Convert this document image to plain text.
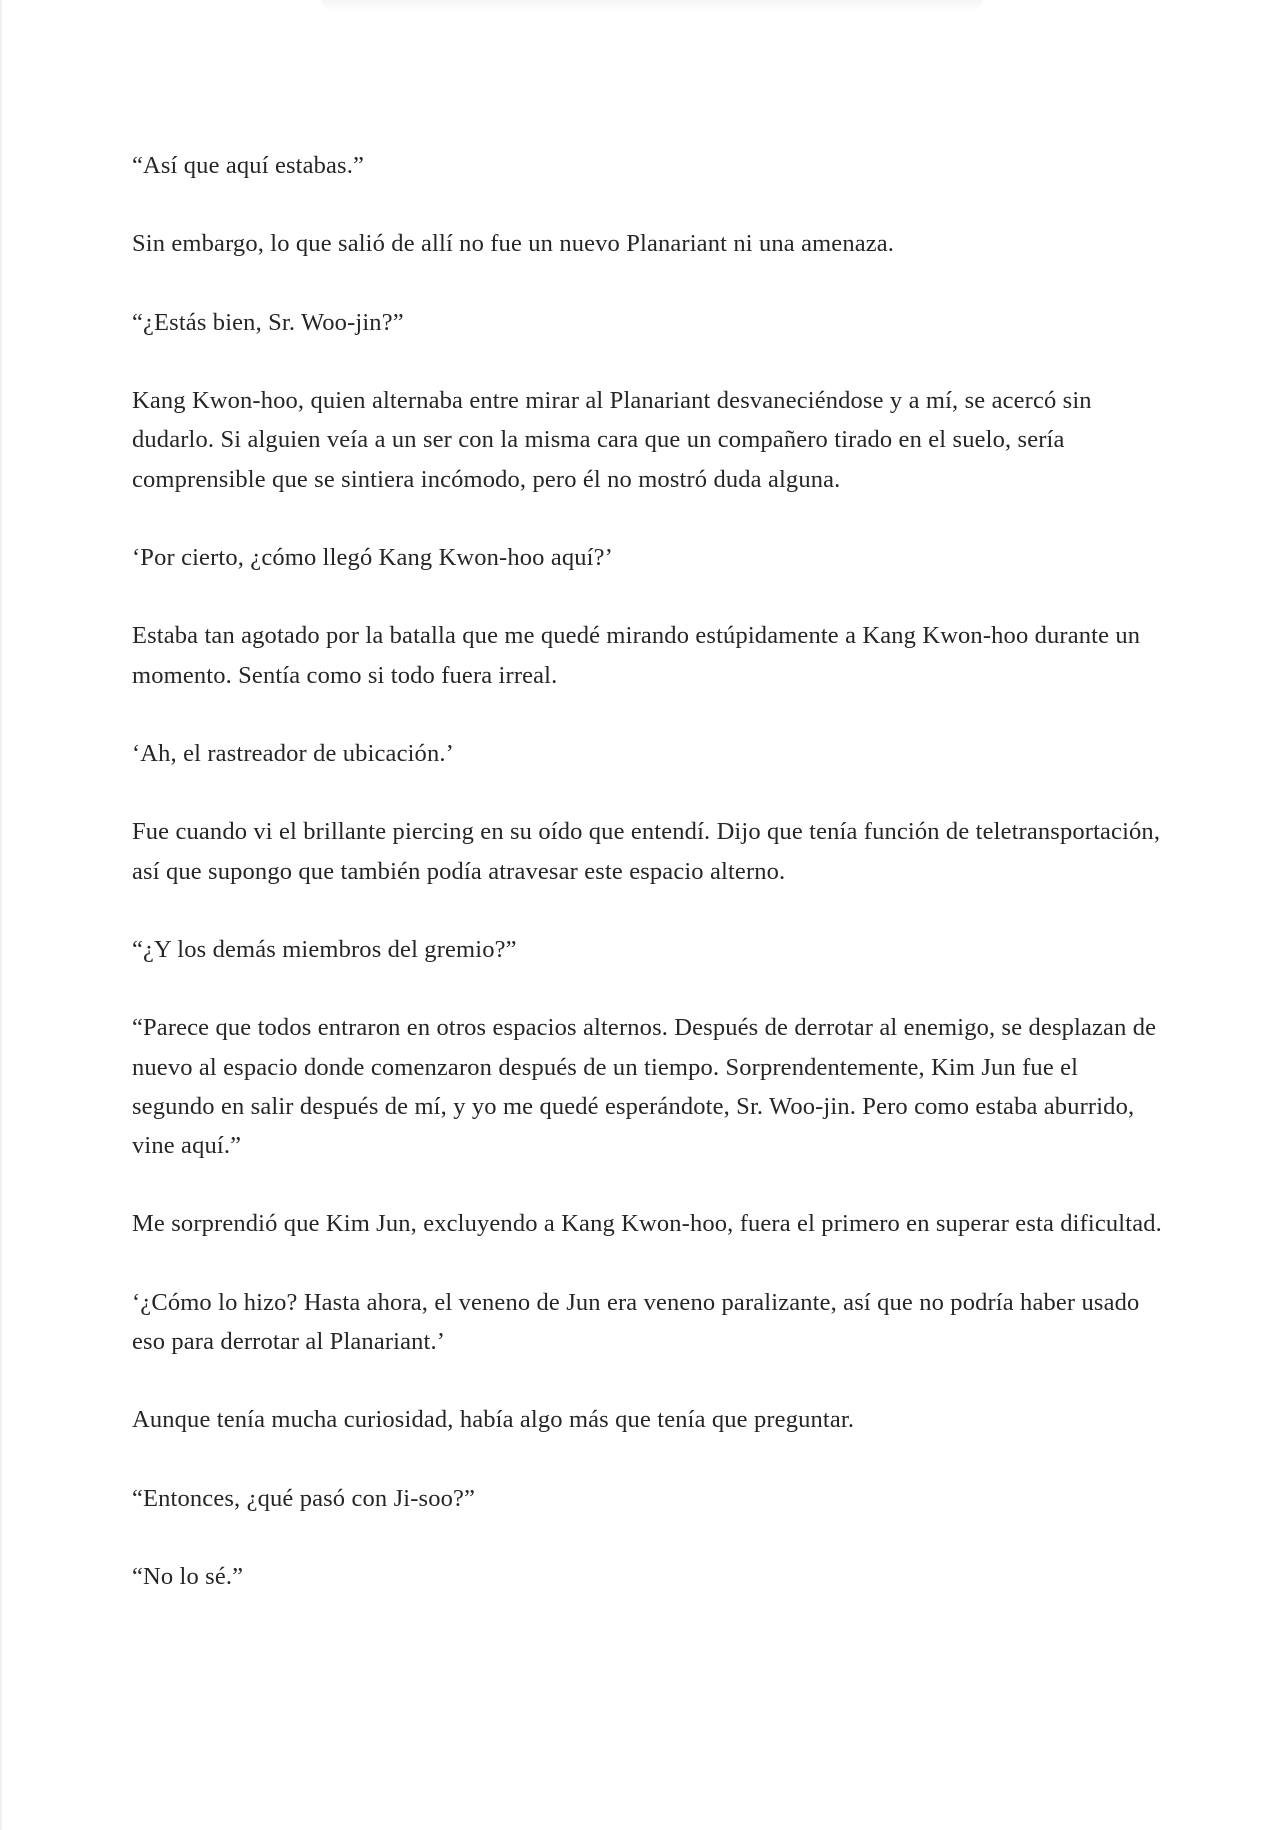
“Así que aquí estabas.”

Sin embargo, lo que salió de allí no fue un nuevo Planariant ni una amenaza.

“¿Estás bien, Sr. Woo-jin?”

Kang Kwon-hoo, quien alternaba entre mirar al Planariant desvaneciéndose y a mí, se acercó sin dudarlo. Si alguien veía a un ser con la misma cara que un compañero tirado en el suelo, sería comprensible que se sintiera incómodo, pero él no mostró duda alguna.

‘Por cierto, ¿cómo llegó Kang Kwon-hoo aquí?’

Estaba tan agotado por la batalla que me quedé mirando estúpidamente a Kang Kwon-hoo durante un momento. Sentía como si todo fuera irreal.

‘Ah, el rastreador de ubicación.’

Fue cuando vi el brillante piercing en su oído que entendí. Dijo que tenía función de teletransportación, así que supongo que también podía atravesar este espacio alterno.

“¿Y los demás miembros del gremio?”

“Parece que todos entraron en otros espacios alternos. Después de derrotar al enemigo, se desplazan de nuevo al espacio donde comenzaron después de un tiempo. Sorprendentemente, Kim Jun fue el segundo en salir después de mí, y yo me quedé esperándote, Sr. Woo-jin. Pero como estaba aburrido, vine aquí.”

Me sorprendió que Kim Jun, excluyendo a Kang Kwon-hoo, fuera el primero en superar esta dificultad.

‘¿Cómo lo hizo? Hasta ahora, el veneno de Jun era veneno paralizante, así que no podría haber usado eso para derrotar al Planariant.’

Aunque tenía mucha curiosidad, había algo más que tenía que preguntar.

“Entonces, ¿qué pasó con Ji-soo?”

“No lo sé.”
